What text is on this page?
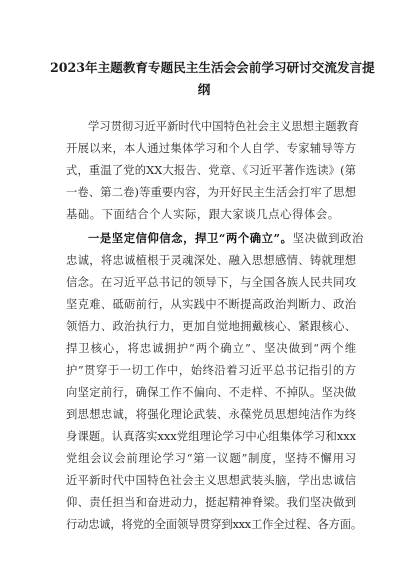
2023年主题教育专题民主生活会会前学习研讨交流发言提
纲
学习贯彻习近平新时代中国特色社会主义思想主题教育
开展以来，本人通过集体学习和个人自学、专家辅导等方
式，重温了党的XX大报告、党章、《习近平著作选读》(第
一卷、第二卷)等重要内容，为开好民主生活会打牢了思想
基础。下面结合个人实际，跟大家谈几点心得体会。
一是坚定信仰信念，捍卫“两个确立”。坚决做到政治
忠诚，将忠诚植根于灵魂深处、融入思想感情、铸就理想
信念。在习近平总书记的领导下，与全国各族人民共同攻
坚克难、砥砺前行，从实践中不断提高政治判断力、政治
领悟力、政治执行力，更加自觉地拥戴核心、紧跟核心、
捍卫核心，将忠诚拥护“两个确立”、坚决做到“两个维
护”贯穿于一切工作中，始终沿着习近平总书记指引的方
向坚定前行，确保工作不偏向、不走样、不掉队。坚决做
到思想忠诚，将强化理论武装、永葆党员思想纯洁作为终
身课题。认真落实xxx党组理论学习中心组集体学习和xxx
党组会议会前理论学习“第一议题”制度，坚持不懈用习
近平新时代中国特色社会主义思想武装头脑，学出忠诚信
仰、责任担当和奋进动力，挺起精神脊梁。我们坚决做到
行动忠诚，将党的全面领导贯穿到xxx工作全过程、各方面。
